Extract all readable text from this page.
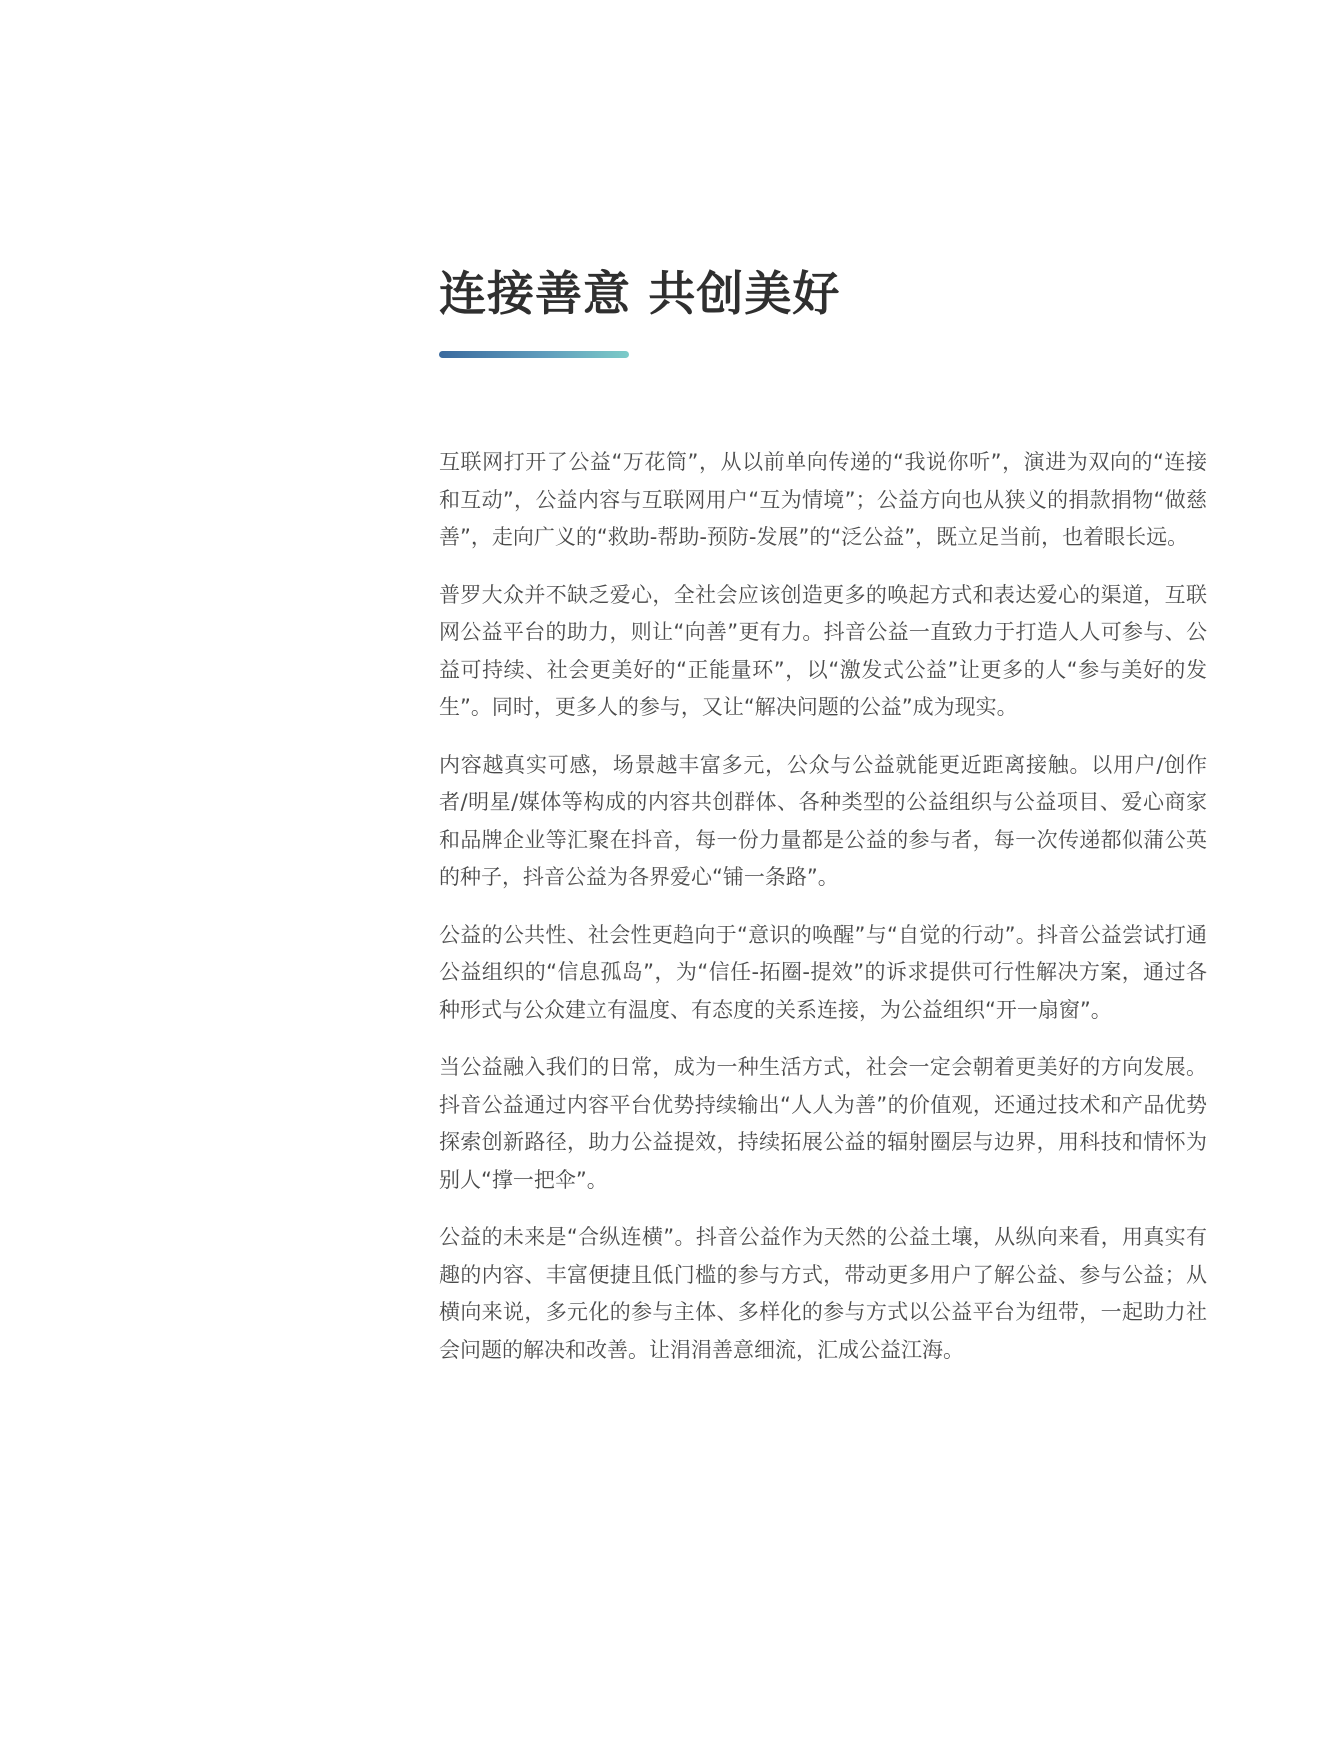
连接善意 共创美好

互联网打开了公益“万花筒”，从以前单向传递的“我说你听”，演进为双向的“连接和互动”，公益内容与互联网用户“互为情境”；公益方向也从狭义的捐款捐物“做慈善”，走向广义的“救助-帮助-预防-发展”的“泛公益”，既立足当前，也着眼长远。

普罗大众并不缺乏爱心，全社会应该创造更多的唤起方式和表达爱心的渠道，互联网公益平台的助力，则让“向善”更有力。抖音公益一直致力于打造人人可参与、公益可持续、社会更美好的“正能量环”，以“激发式公益”让更多的人“参与美好的发生”。同时，更多人的参与，又让“解决问题的公益”成为现实。

内容越真实可感，场景越丰富多元，公众与公益就能更近距离接触。以用户/创作者/明星/媒体等构成的内容共创群体、各种类型的公益组织与公益项目、爱心商家和品牌企业等汇聚在抖音，每一份力量都是公益的参与者，每一次传递都似蒲公英的种子，抖音公益为各界爱心“铺一条路”。

公益的公共性、社会性更趋向于“意识的唤醒”与“自觉的行动”。抖音公益尝试打通公益组织的“信息孤岛”，为“信任-拓圈-提效”的诉求提供可行性解决方案，通过各种形式与公众建立有温度、有态度的关系连接，为公益组织“开一扇窗”。

当公益融入我们的日常，成为一种生活方式，社会一定会朝着更美好的方向发展。抖音公益通过内容平台优势持续输出“人人为善”的价值观，还通过技术和产品优势探索创新路径，助力公益提效，持续拓展公益的辐射圈层与边界，用科技和情怀为别人“撑一把伞”。

公益的未来是“合纵连横”。抖音公益作为天然的公益土壤，从纵向来看，用真实有趣的内容、丰富便捷且低门槛的参与方式，带动更多用户了解公益、参与公益；从横向来说，多元化的参与主体、多样化的参与方式以公益平台为纽带，一起助力社会问题的解决和改善。让涓涓善意细流，汇成公益江海。
